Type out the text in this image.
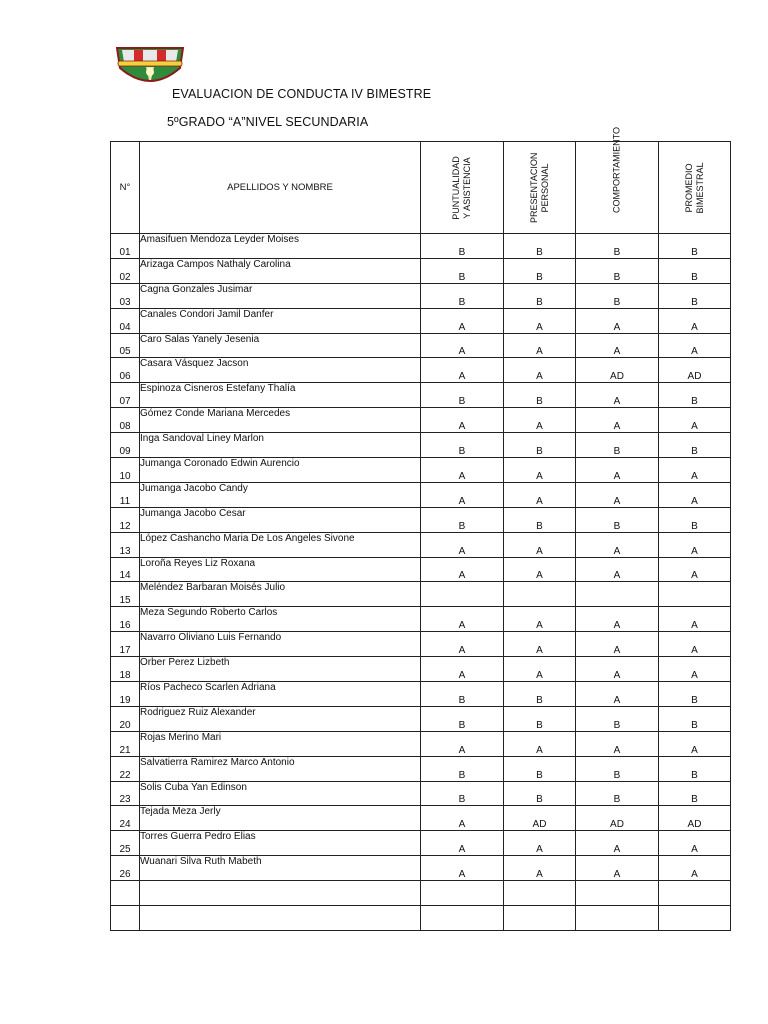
EVALUACION DE CONDUCTA IV BIMESTRE
5ºGRADO “A”NIVEL SECUNDARIA
N°	APELLIDOS Y NOMBRE	PUNTUALIDAD Y ASISTENCIA	PRESENTACION PERSONAL	COMPORTAMIENTO	PROMEDIO BIMESTRAL

01	Amasifuen Mendoza Leyder Moises	B	B	B	B
02	Arizaga Campos Nathaly Carolina	B	B	B	B
03	Cagna Gonzales Jusimar	B	B	B	B
04	Canales Condori Jamil Danfer	A	A	A	A
05	Caro Salas Yanely Jesenia	A	A	A	A
06	Casara Vásquez Jacson	A	A	AD	AD
07	Espinoza Cisneros Estefany Thalía	B	B	A	B
08	Gómez Conde Mariana Mercedes	A	A	A	A
09	Inga Sandoval Liney Marlon	B	B	B	B
10	Jumanga Coronado Edwin Aurencio	A	A	A	A
11	Jumanga Jacobo Candy	A	A	A	A
12	Jumanga Jacobo Cesar	B	B	B	B
13	López Cashancho Maria De Los Angeles Sivone	A	A	A	A
14	Loroña Reyes Liz Roxana	A	A	A	A
15	Meléndez Barbaran Moisés Julio				
16	Meza Segundo Roberto Carlos	A	A	A	A
17	Navarro Oliviano Luis Fernando	A	A	A	A
18	Orber Perez Lizbeth	A	A	A	A
19	Ríos Pacheco Scarlen Adriana	B	B	A	B
20	Rodriguez Ruiz Alexander	B	B	B	B
21	Rojas Merino Mari	A	A	A	A
22	Salvatierra Ramirez Marco Antonio	B	B	B	B
23	Solis Cuba Yan Edinson	B	B	B	B
24	Tejada Meza Jerly	A	AD	AD	AD
25	Torres Guerra Pedro Elias	A	A	A	A
26	Wuanari Silva Ruth Mabeth	A	A	A	A
